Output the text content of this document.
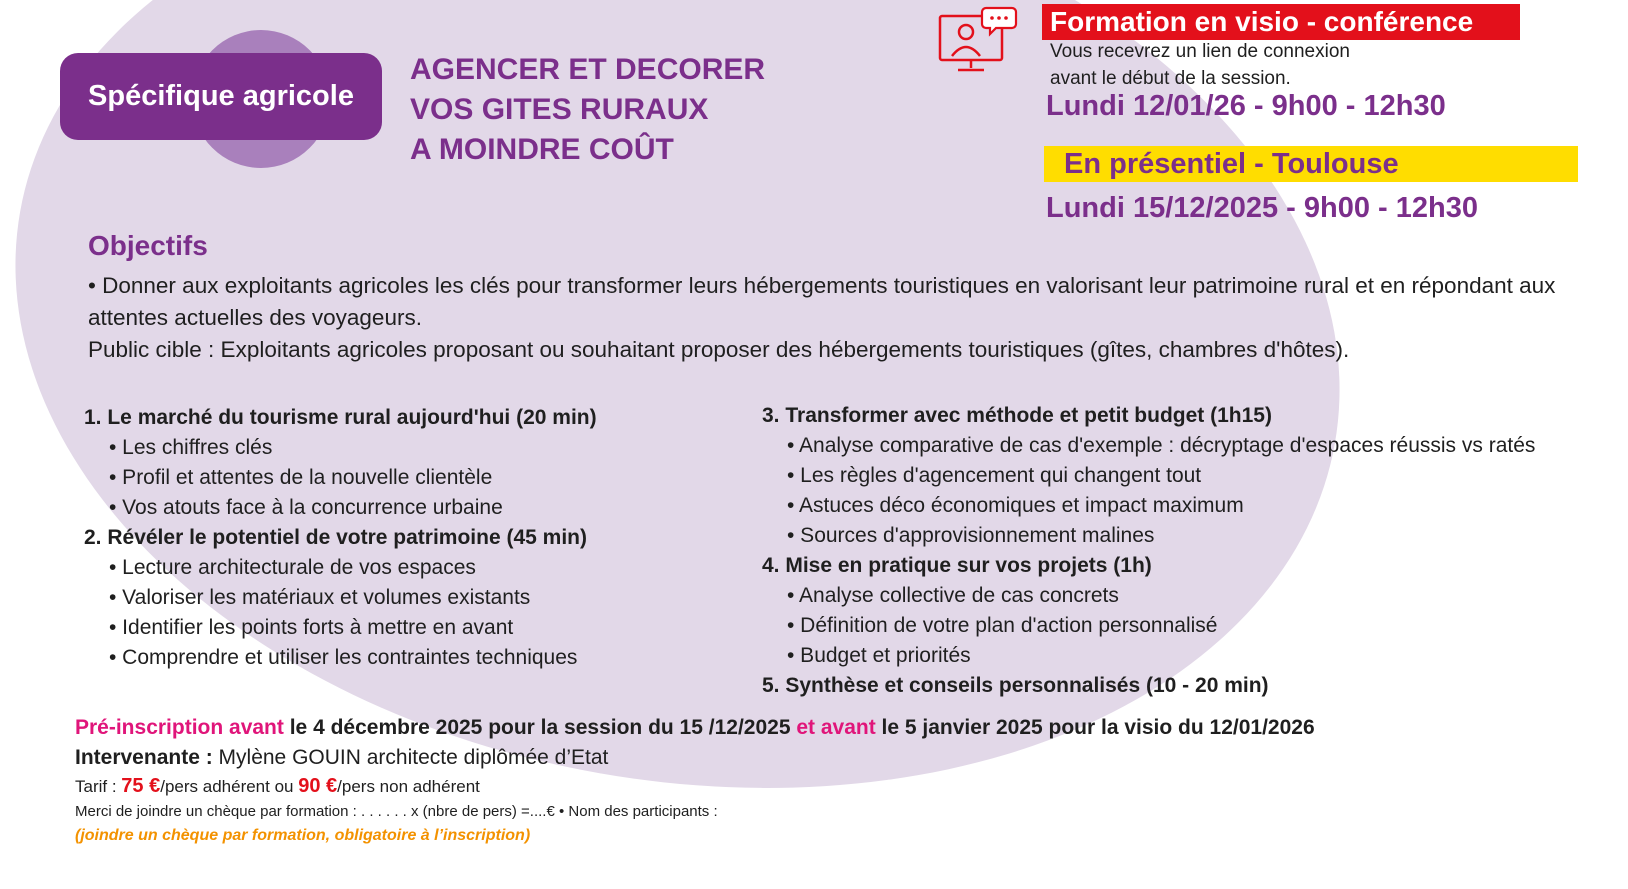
Spécifique agricole
AGENCER ET DECORER
VOS GITES RURAUX
A MOINDRE COÛT
Formation en visio - conférence
Vous recevrez un lien de connexion
avant le début de la session.
Lundi 12/01/26 - 9h00 - 12h30
En présentiel - Toulouse
Lundi 15/12/2025 - 9h00 - 12h30
Objectifs

• Donner aux exploitants agricoles les clés pour transformer leurs hébergements touristiques en valorisant leur patrimoine rural et en répondant aux attentes actuelles des voyageurs.

Public cible : Exploitants agricoles proposant ou souhaitant proposer des hébergements touristiques (gîtes, chambres d'hôtes).

1. Le marché du tourisme rural aujourd'hui (20 min)
• Les chiffres clés
• Profil et attentes de la nouvelle clientèle
• Vos atouts face à la concurrence urbaine
2. Révéler le potentiel de votre patrimoine (45 min)
• Lecture architecturale de vos espaces
• Valoriser les matériaux et volumes existants
• Identifier les points forts à mettre en avant
• Comprendre et utiliser les contraintes techniques
3. Transformer avec méthode et petit budget (1h15)
• Analyse comparative de cas d'exemple : décryptage d'espaces réussis vs ratés
• Les règles d'agencement qui changent tout
• Astuces déco économiques et impact maximum
• Sources d'approvisionnement malines
4. Mise en pratique sur vos projets (1h)
• Analyse collective de cas concrets
• Définition de votre plan d'action personnalisé
• Budget et priorités
5. Synthèse et conseils personnalisés (10 - 20 min)
Pré-inscription avant le 4 décembre 2025 pour la session du 15 /12/2025 et avant le 5 janvier 2025 pour la visio du 12/01/2026
Intervenante : Mylène GOUIN architecte diplômée d’Etat
Tarif : 75 €/pers adhérent ou 90 €/pers non adhérent
Merci de joindre un chèque par formation : . . . . . . x (nbre de pers) =....€ • Nom des participants :
(joindre un chèque par formation, obligatoire à l’inscription)
